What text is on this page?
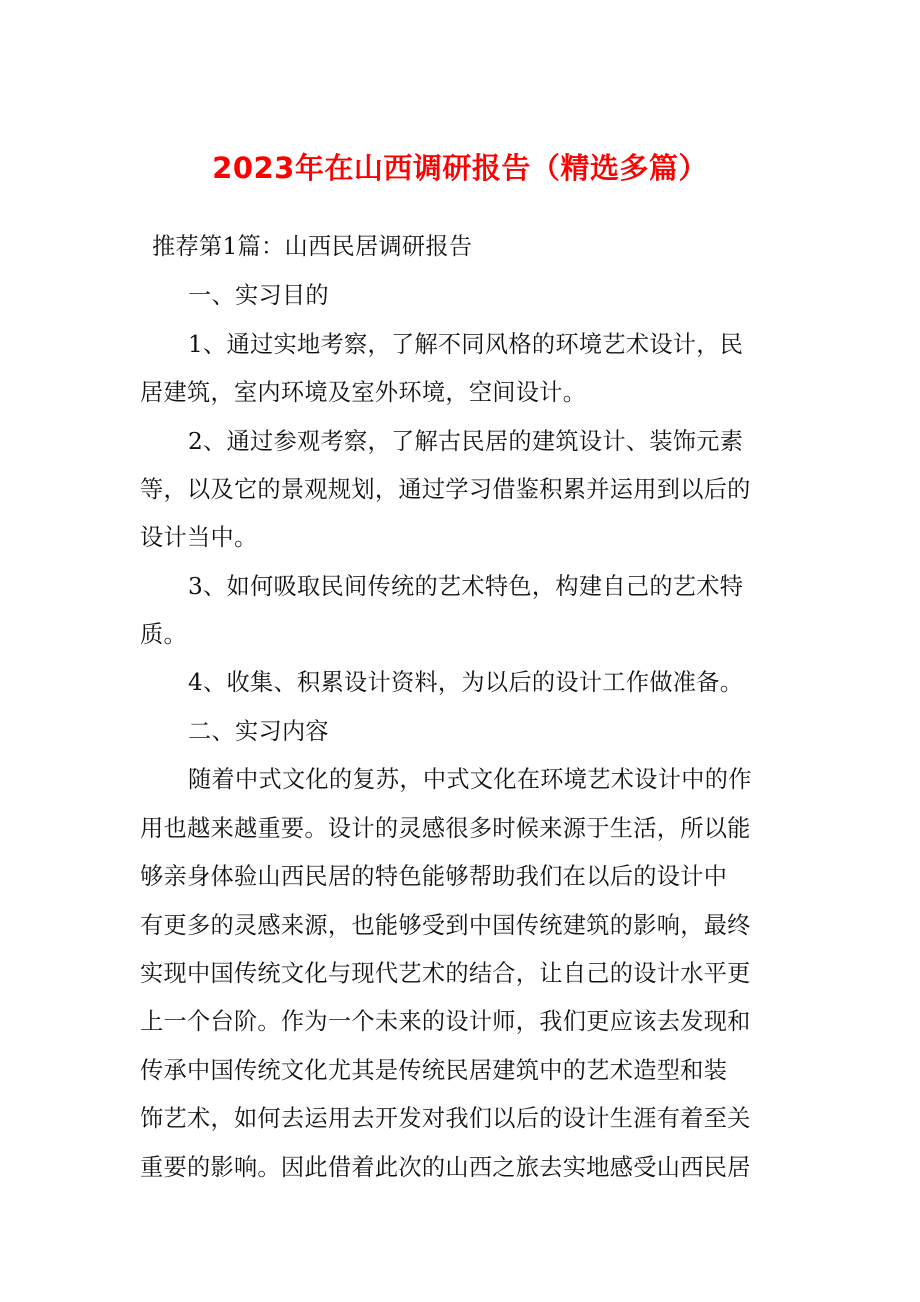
2023年在山西调研报告（精选多篇）
推荐第1篇：山西民居调研报告
一、实习目的
1、通过实地考察，了解不同风格的环境艺术设计，民
居建筑，室内环境及室外环境，空间设计。
2、通过参观考察，了解古民居的建筑设计、装饰元素
等，以及它的景观规划，通过学习借鉴积累并运用到以后的
设计当中。
3、如何吸取民间传统的艺术特色，构建自己的艺术特
质。
4、收集、积累设计资料，为以后的设计工作做准备。
二、实习内容
随着中式文化的复苏，中式文化在环境艺术设计中的作
用也越来越重要。设计的灵感很多时候来源于生活，所以能
够亲身体验山西民居的特色能够帮助我们在以后的设计中
有更多的灵感来源，也能够受到中国传统建筑的影响，最终
实现中国传统文化与现代艺术的结合，让自己的设计水平更
上一个台阶。作为一个未来的设计师，我们更应该去发现和
传承中国传统文化尤其是传统民居建筑中的艺术造型和装
饰艺术，如何去运用去开发对我们以后的设计生涯有着至关
重要的影响。因此借着此次的山西之旅去实地感受山西民居
